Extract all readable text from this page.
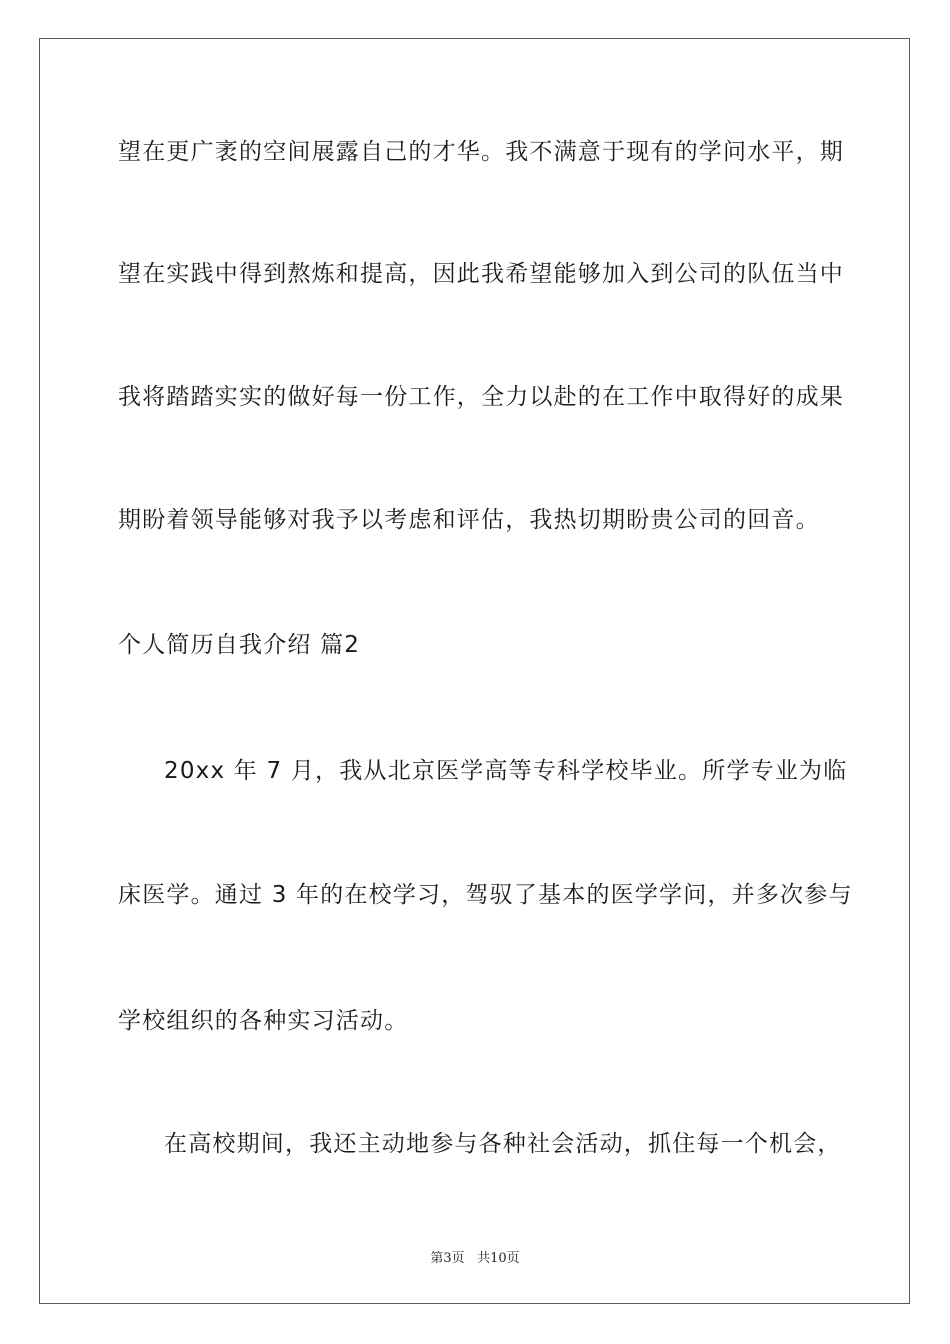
望在更广袤的空间展露自己的才华。我不满意于现有的学问水平，期
望在实践中得到熬炼和提高，因此我希望能够加入到公司的队伍当中
我将踏踏实实的做好每一份工作，全力以赴的在工作中取得好的成果
期盼着领导能够对我予以考虑和评估，我热切期盼贵公司的回音。
个人简历自我介绍 篇2
20xx 年 7 月，我从北京医学高等专科学校毕业。所学专业为临
床医学。通过 3 年的在校学习，驾驭了基本的医学学问，并多次参与
学校组织的各种实习活动。
在高校期间，我还主动地参与各种社会活动，抓住每一个机会，
第3页 共10页
